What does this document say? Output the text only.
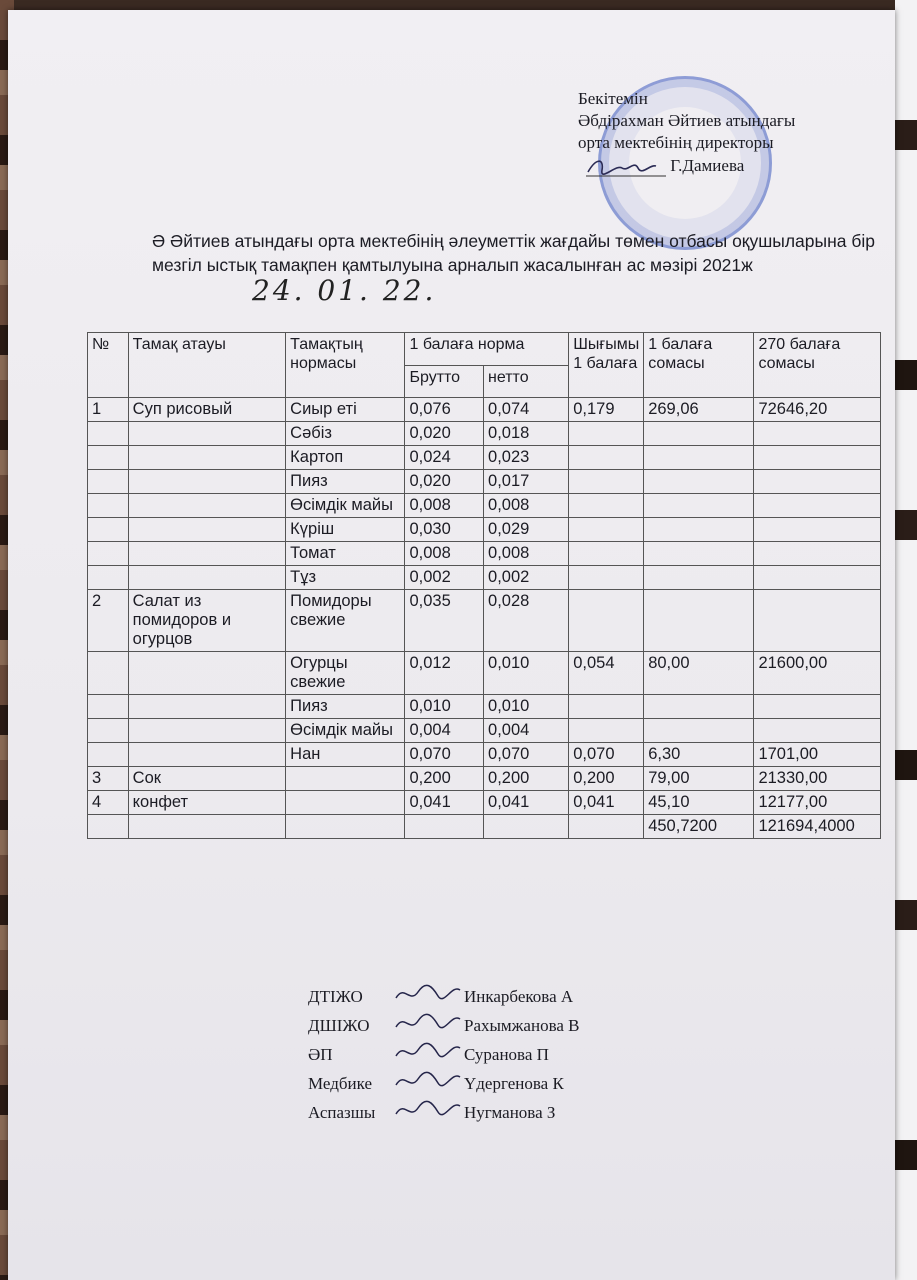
Бекітемін
Әбдірахман Әйтиев атындағы
орта мектебінің директоры
Г.Дамиева
Ә Әйтиев атындағы орта мектебінің әлеуметтік жағдайы төмен отбасы оқушыларына бір мезгіл ыстық тамақпен қамтылуына арналып жасалынған ас мәзірі 2021ж 24. 01. 22.
№	Тамақ атауы	Тамақтың нормасы	1 балаға норма		Шығымы 1 балаға	1 балаға сомасы	270 балаға сомасы
			Брутто	нетто			
1	Суп рисовый	Сиыр еті	0,076	0,074	0,179	269,06	72646,20
		Сәбіз	0,020	0,018			
		Картоп	0,024	0,023			
		Пияз	0,020	0,017			
		Өсімдік майы	0,008	0,008			
		Күріш	0,030	0,029			
		Томат	0,008	0,008			
		Тұз	0,002	0,002			
2	Салат из помидоров и огурцов	Помидоры свежие	0,035	0,028			
		Огурцы свежие	0,012	0,010	0,054	80,00	21600,00
		Пияз	0,010	0,010			
		Өсімдік майы	0,004	0,004			
		Нан	0,070	0,070	0,070	6,30	1701,00
3	Сок		0,200	0,200	0,200	79,00	21330,00
4	конфет		0,041	0,041	0,041	45,10	12177,00
						450,7200	121694,4000
ДТІЖО	Инкарбекова А
ДШІЖО	Рахымжанова В
ӘП	Суранова П
Медбике	Үдергенова К
Аспазшы	Нугманова З
